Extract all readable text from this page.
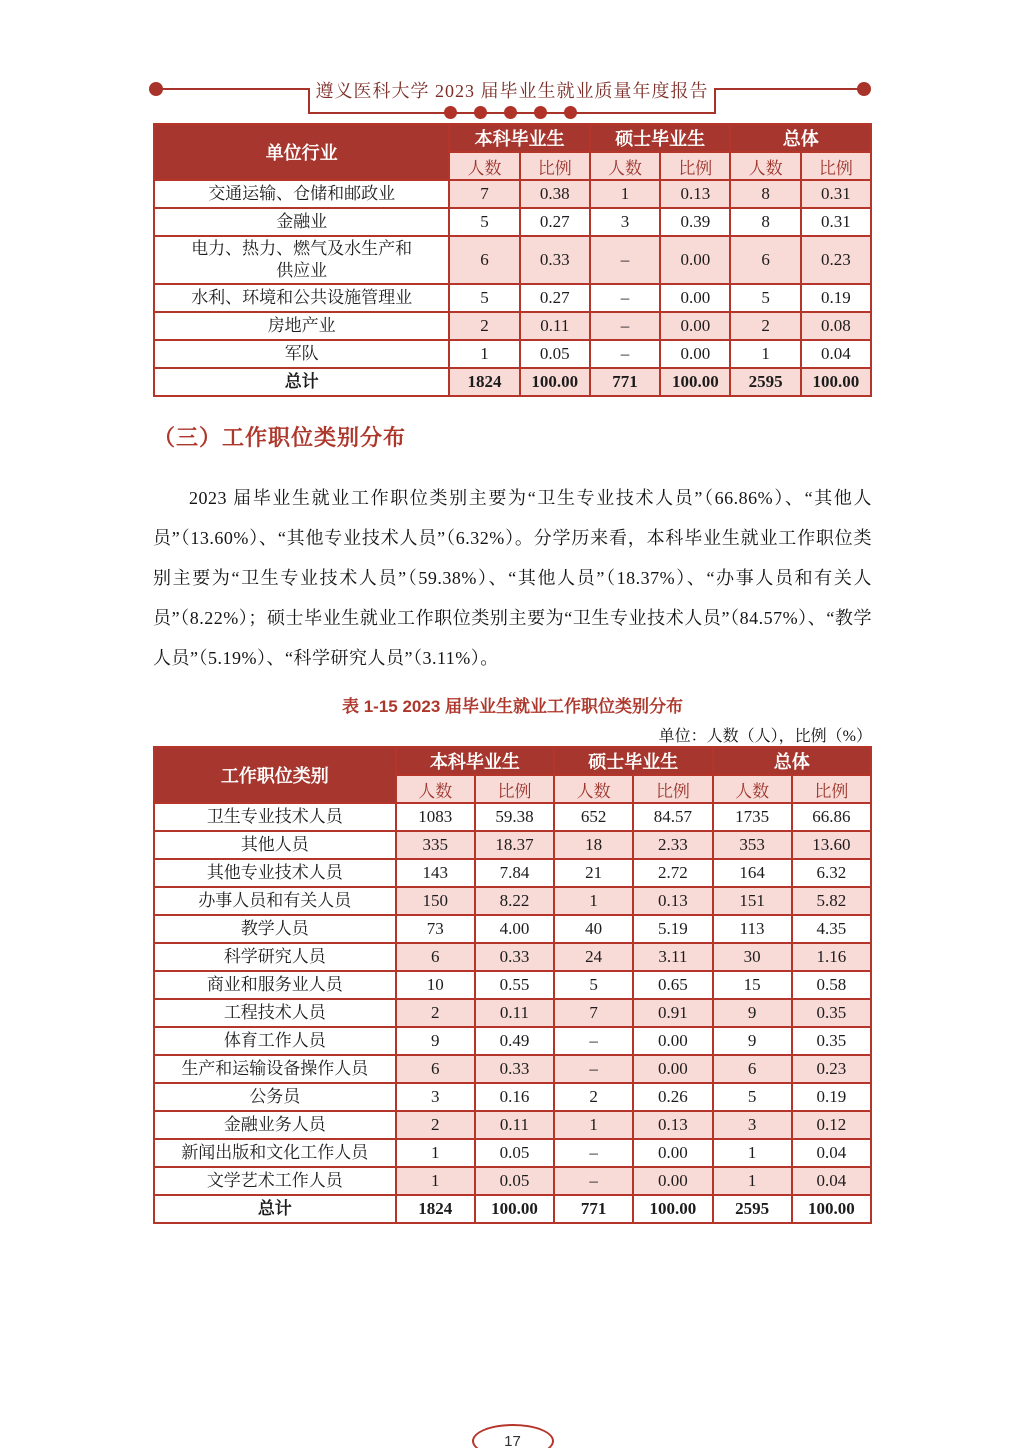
遵义医科大学 2023 届毕业生就业质量年度报告
单位行业	本科毕业生		硕士毕业生		总体	
	人数	比例	人数	比例	人数	比例
交通运输、仓储和邮政业	7	0.38	1	0.13	8	0.31
金融业	5	0.27	3	0.39	8	0.31
电力、热力、燃气及水生产和供应业	6	0.33	–	0.00	6	0.23
水利、环境和公共设施管理业	5	0.27	–	0.00	5	0.19
房地产业	2	0.11	–	0.00	2	0.08
军队	1	0.05	–	0.00	1	0.04
总计	1824	100.00	771	100.00	2595	100.00
（三）工作职位类别分布

2023 届毕业生就业工作职位类别主要为“卫生专业技术人员”（66.86%）、“其他人员”（13.60%）、“其他专业技术人员”（6.32%）。分学历来看，本科毕业生就业工作职位类别主要为“卫生专业技术人员”（59.38%）、“其他人员”（18.37%）、“办事人员和有关人员”（8.22%）；硕士毕业生就业工作职位类别主要为“卫生专业技术人员”（84.57%）、“教学人员”（5.19%）、“科学研究人员”（3.11%）。

表 1-15 2023 届毕业生就业工作职位类别分布
单位：人数（人），比例（%）
工作职位类别	本科毕业生		硕士毕业生		总体	
	人数	比例	人数	比例	人数	比例
卫生专业技术人员	1083	59.38	652	84.57	1735	66.86
其他人员	335	18.37	18	2.33	353	13.60
其他专业技术人员	143	7.84	21	2.72	164	6.32
办事人员和有关人员	150	8.22	1	0.13	151	5.82
教学人员	73	4.00	40	5.19	113	4.35
科学研究人员	6	0.33	24	3.11	30	1.16
商业和服务业人员	10	0.55	5	0.65	15	0.58
工程技术人员	2	0.11	7	0.91	9	0.35
体育工作人员	9	0.49	–	0.00	9	0.35
生产和运输设备操作人员	6	0.33	–	0.00	6	0.23
公务员	3	0.16	2	0.26	5	0.19
金融业务人员	2	0.11	1	0.13	3	0.12
新闻出版和文化工作人员	1	0.05	–	0.00	1	0.04
文学艺术工作人员	1	0.05	–	0.00	1	0.04
总计	1824	100.00	771	100.00	2595	100.00
17
